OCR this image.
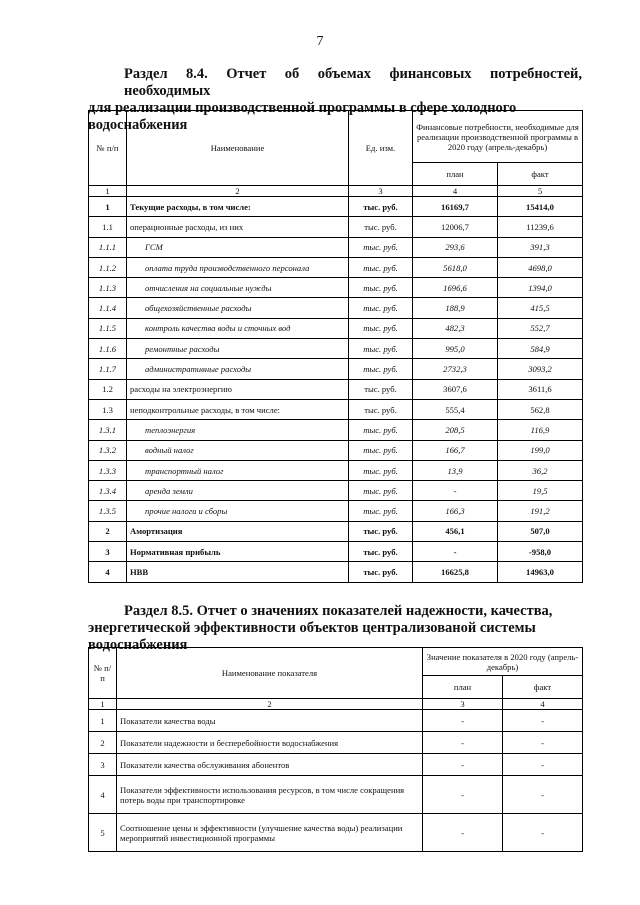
7
Раздел 8.4. Отчет об объемах финансовых потребностей, необходимых
для реализации производственной программы в сфере холодного
водоснабжения
№ п/п	Наименование	Ед. изм.	Финансовые потребности, необходимые для реализации производственной программы в 2020 году (апрель-декабрь)	
			план	факт
1	2	3	4	5
1	Текущие расходы, в том числе:	тыс. руб.	16169,7	15414,0
1.1	операционные расходы, из них	тыс. руб.	12006,7	11239,6
1.1.1	ГСМ	тыс. руб.	293,6	391,3
1.1.2	оплата труда производственного персонала	тыс. руб.	5618,0	4698,0
1.1.3	отчисления на социальные нужды	тыс. руб.	1696,6	1394,0
1.1.4	общехозяйственные расходы	тыс. руб.	188,9	415,5
1.1.5	контроль качества воды и сточных вод	тыс. руб.	482,3	552,7
1.1.6	ремонтные расходы	тыс. руб.	995,0	584,9
1.1.7	административные расходы	тыс. руб.	2732,3	3093,2
1.2	расходы на электроэнергию	тыс. руб.	3607,6	3611,6
1.3	неподконтрольные расходы, в том числе:	тыс. руб.	555,4	562,8
1.3.1	теплоэнергия	тыс. руб.	208,5	116,9
1.3.2	водный налог	тыс. руб.	166,7	199,0
1.3.3	транспортный налог	тыс. руб.	13,9	36,2
1.3.4	аренда земли	тыс. руб.	-	19,5
1.3.5	прочие налоги и сборы	тыс. руб.	166,3	191,2
2	Амортизация	тыс. руб.	456,1	507,0
3	Нормативная прибыль	тыс. руб.	-	-958,0
4	НВВ	тыс. руб.	16625,8	14963,0
Раздел 8.5. Отчет о значениях показателей надежности, качества,
энергетической эффективности объектов централизованой системы
водоснабжения
№ п/п	Наименование показателя	Значение показателя в 2020 году (апрель-декабрь)	
		план	факт
1	2	3	4
1	Показатели качества воды	-	-
2	Показатели надежности и бесперебойности водоснабжения	-	-
3	Показатели качества обслуживания абонентов	-	-
4	Показатели эффективности использования ресурсов, в том числе сокращения потерь воды при транспортировке	-	-
5	Соотношение цены и эффективности (улучшение качества воды) реализации мероприятий инвестиционной программы	-	-
